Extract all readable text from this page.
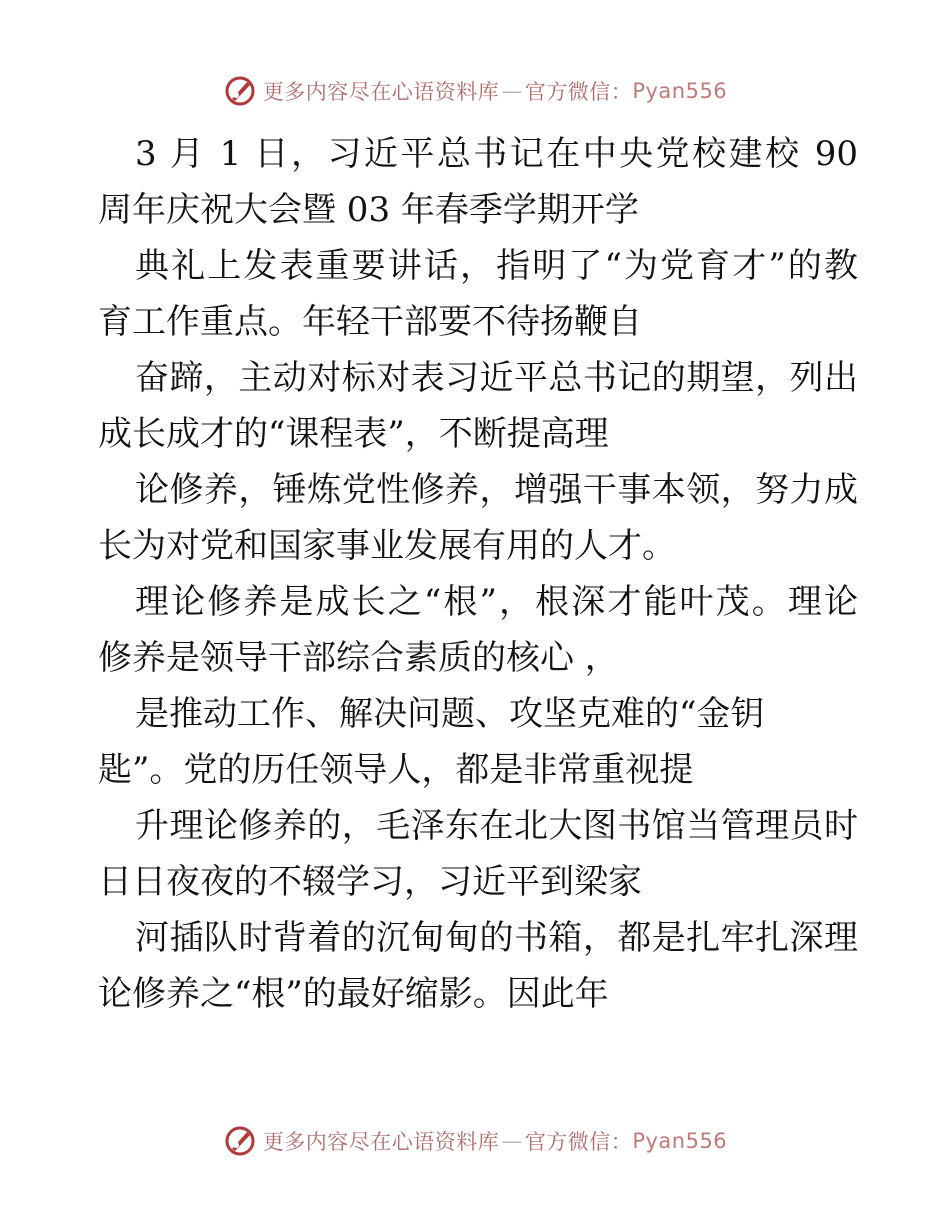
更多内容尽在心语资料库 — 官方微信： Pyan556
3 月 1 日，习近平总书记在中央党校建校 90
周年庆祝大会暨 03 年春季学期开学
典礼上发表重要讲话，指明了“为党育才”的教
育工作重点。年轻干部要不待扬鞭自
奋蹄，主动对标对表习近平总书记的期望，列出
成长成才的“课程表”，不断提高理
论修养，锤炼党性修养，增强干事本领，努力成
长为对党和国家事业发展有用的人才。
理论修养是成长之“根”，根深才能叶茂。理论
修养是领导干部综合素质的核心 ，
是推动工作、解决问题、攻坚克难的“金钥
匙”。党的历任领导人，都是非常重视提
升理论修养的，毛泽东在北大图书馆当管理员时
日日夜夜的不辍学习，习近平到梁家
河插队时背着的沉甸甸的书箱，都是扎牢扎深理
论修养之“根”的最好缩影。因此年
更多内容尽在心语资料库 — 官方微信： Pyan556
